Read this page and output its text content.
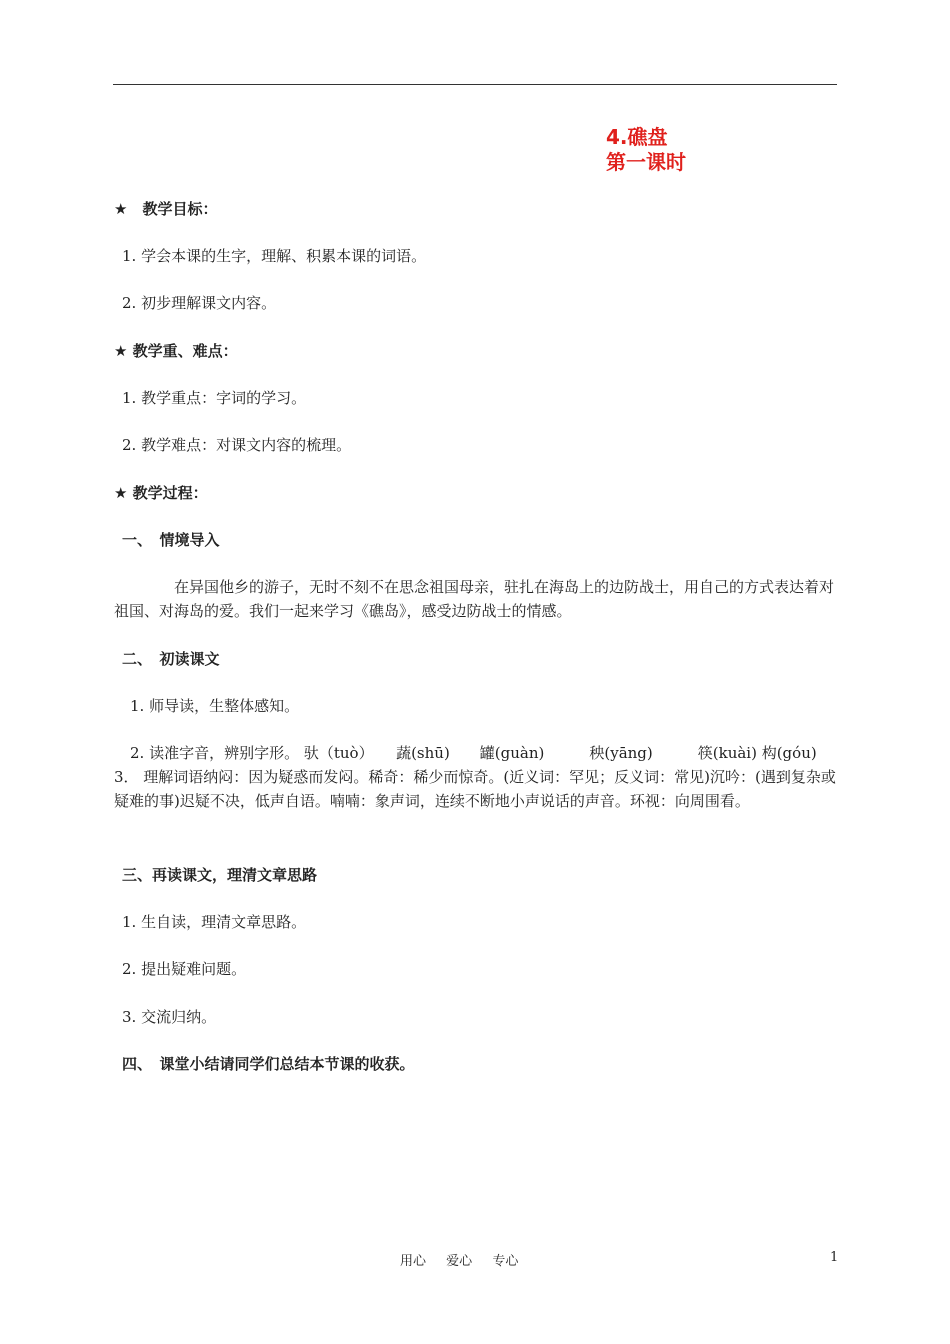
4.礁盘
第一课时
★　教学目标：
1. 学会本课的生字，理解、积累本课的词语。
2. 初步理解课文内容。
★ 教学重、难点：
1. 教学重点：字词的学习。
2. 教学难点：对课文内容的梳理。
★ 教学过程：
一、　情境导入
在异国他乡的游子，无时不刻不在思念祖国母亲，驻扎在海岛上的边防战士，用自己的方式表达着对祖国、对海岛的爱。我们一起来学习《礁岛》，感受边防战士的情感。
二、　初读课文
1. 师导读，生整体感知。
2. 读准字音，辨别字形。 驮（tuò）　　蔬(shū)　　罐(guàn)　　　秧(yāng)　　　筷(kuài) 构(góu) 3． 理解词语纳闷：因为疑惑而发闷。稀奇：稀少而惊奇。(近义词：罕见；反义词：常见)沉吟：(遇到复杂或疑难的事)迟疑不决，低声自语。喃喃：象声词，连续不断地小声说话的声音。环视：向周围看。
三、再读课文，理清文章思路
1. 生自读，理清文章思路。
2. 提出疑难问题。
3. 交流归纳。
四、　课堂小结请同学们总结本节课的收获。
用心 爱心 专心	1
